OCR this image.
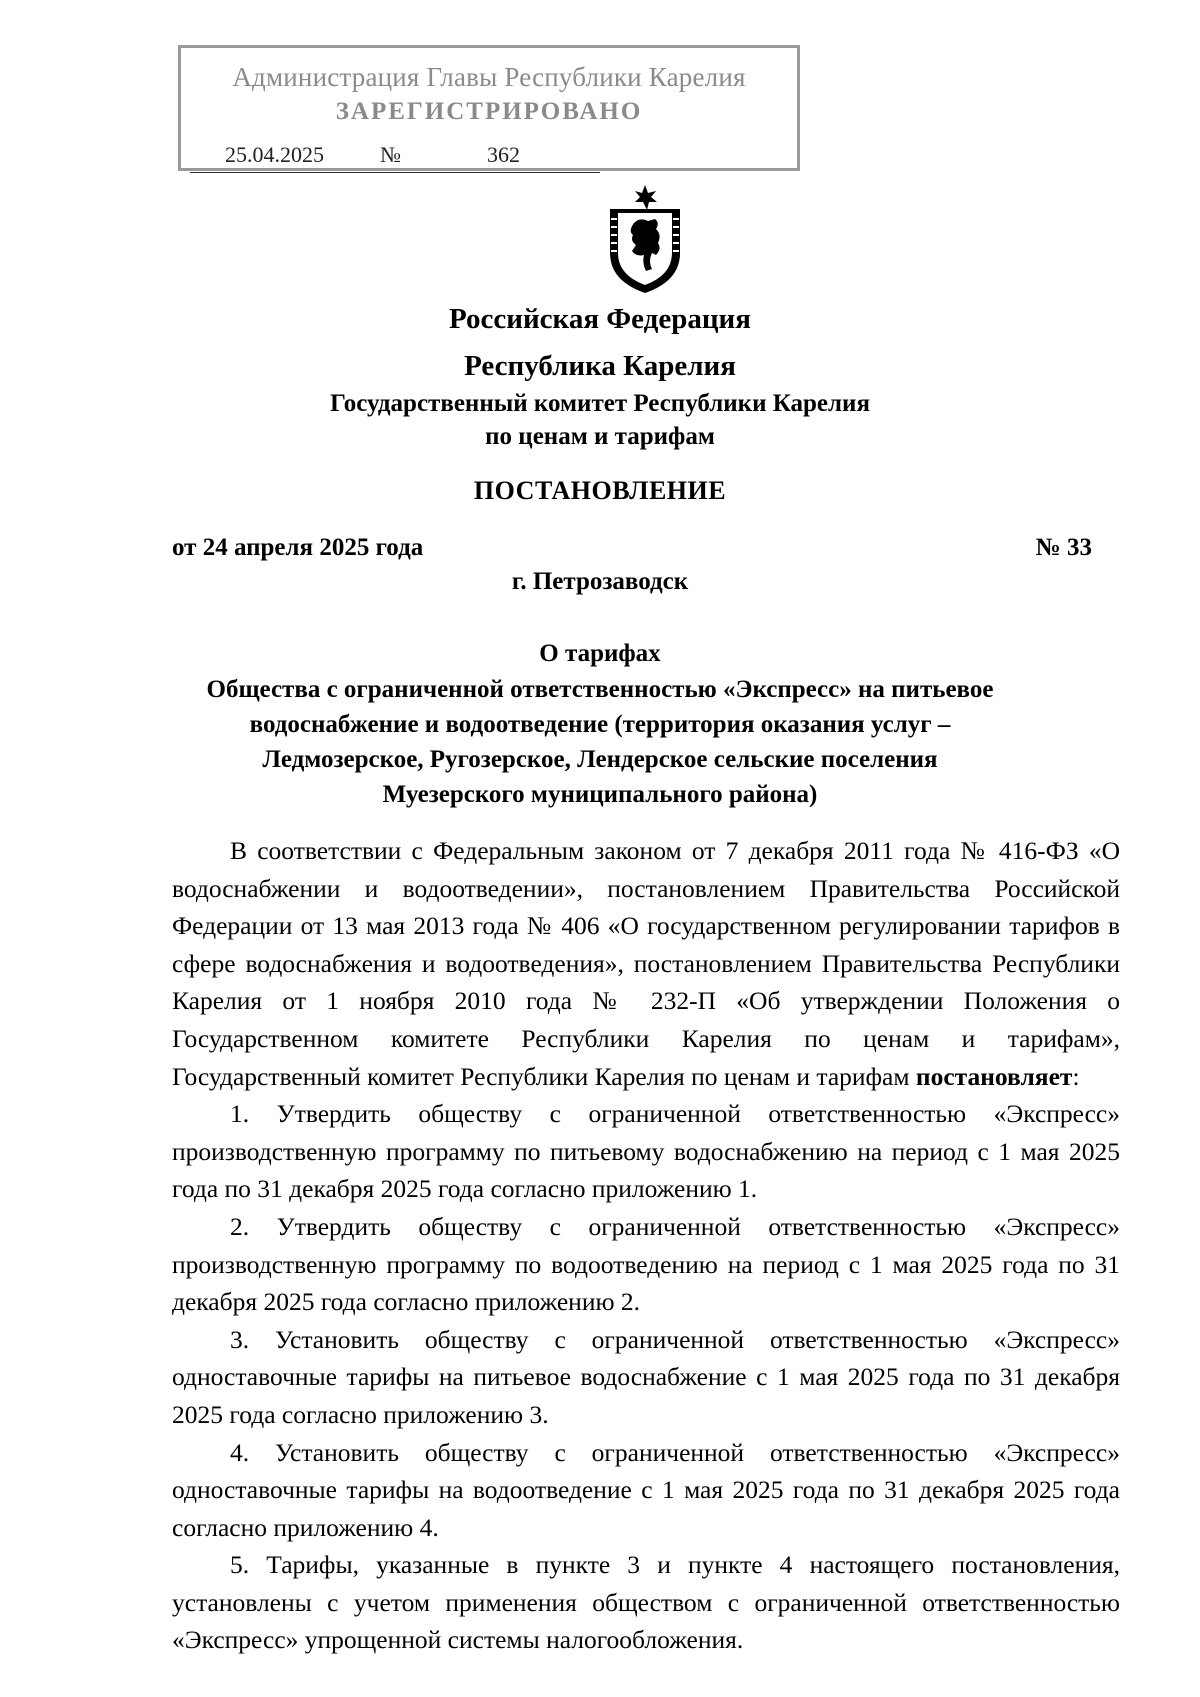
Администрация Главы Республики Карелия
ЗАРЕГИСТРИРОВАНО
25.04.2025	№	362
Российская Федерация
Республика Карелия
Государственный комитет Республики Карелия
по ценам и тарифам
ПОСТАНОВЛЕНИЕ
от 24 апреля 2025 года	№ 33
г. Петрозаводск
О тарифах
Общества с ограниченной ответственностью «Экспресс» на питьевое
водоснабжение и водоотведение (территория оказания услуг –
Ледмозерское, Ругозерское, Лендерское сельские поселения
Муезерского муниципального района)

В соответствии с Федеральным законом от 7 декабря 2011 года № 416-ФЗ «О водоснабжении и водоотведении», постановлением Правительства Российской Федерации от 13 мая 2013 года № 406 «О государственном регулировании тарифов в сфере водоснабжения и водоотведения», постановлением Правительства Республики Карелия от 1 ноября 2010 года № 232-П «Об утверждении Положения о Государственном комитете Республики Карелия по ценам и тарифам», Государственный комитет Республики Карелия по ценам и тарифам постановляет:

1. Утвердить обществу с ограниченной ответственностью «Экспресс» производственную программу по питьевому водоснабжению на период с 1 мая 2025 года по 31 декабря 2025 года согласно приложению 1.

2. Утвердить обществу с ограниченной ответственностью «Экспресс» производственную программу по водоотведению на период с 1 мая 2025 года по 31 декабря 2025 года согласно приложению 2.

3. Установить обществу с ограниченной ответственностью «Экспресс» одноставочные тарифы на питьевое водоснабжение с 1 мая 2025 года по 31 декабря 2025 года согласно приложению 3.

4. Установить обществу с ограниченной ответственностью «Экспресс» одноставочные тарифы на водоотведение с 1 мая 2025 года по 31 декабря 2025 года согласно приложению 4.

5. Тарифы, указанные в пункте 3 и пункте 4 настоящего постановления, установлены с учетом применения обществом с ограниченной ответственностью «Экспресс» упрощенной системы налогообложения.
